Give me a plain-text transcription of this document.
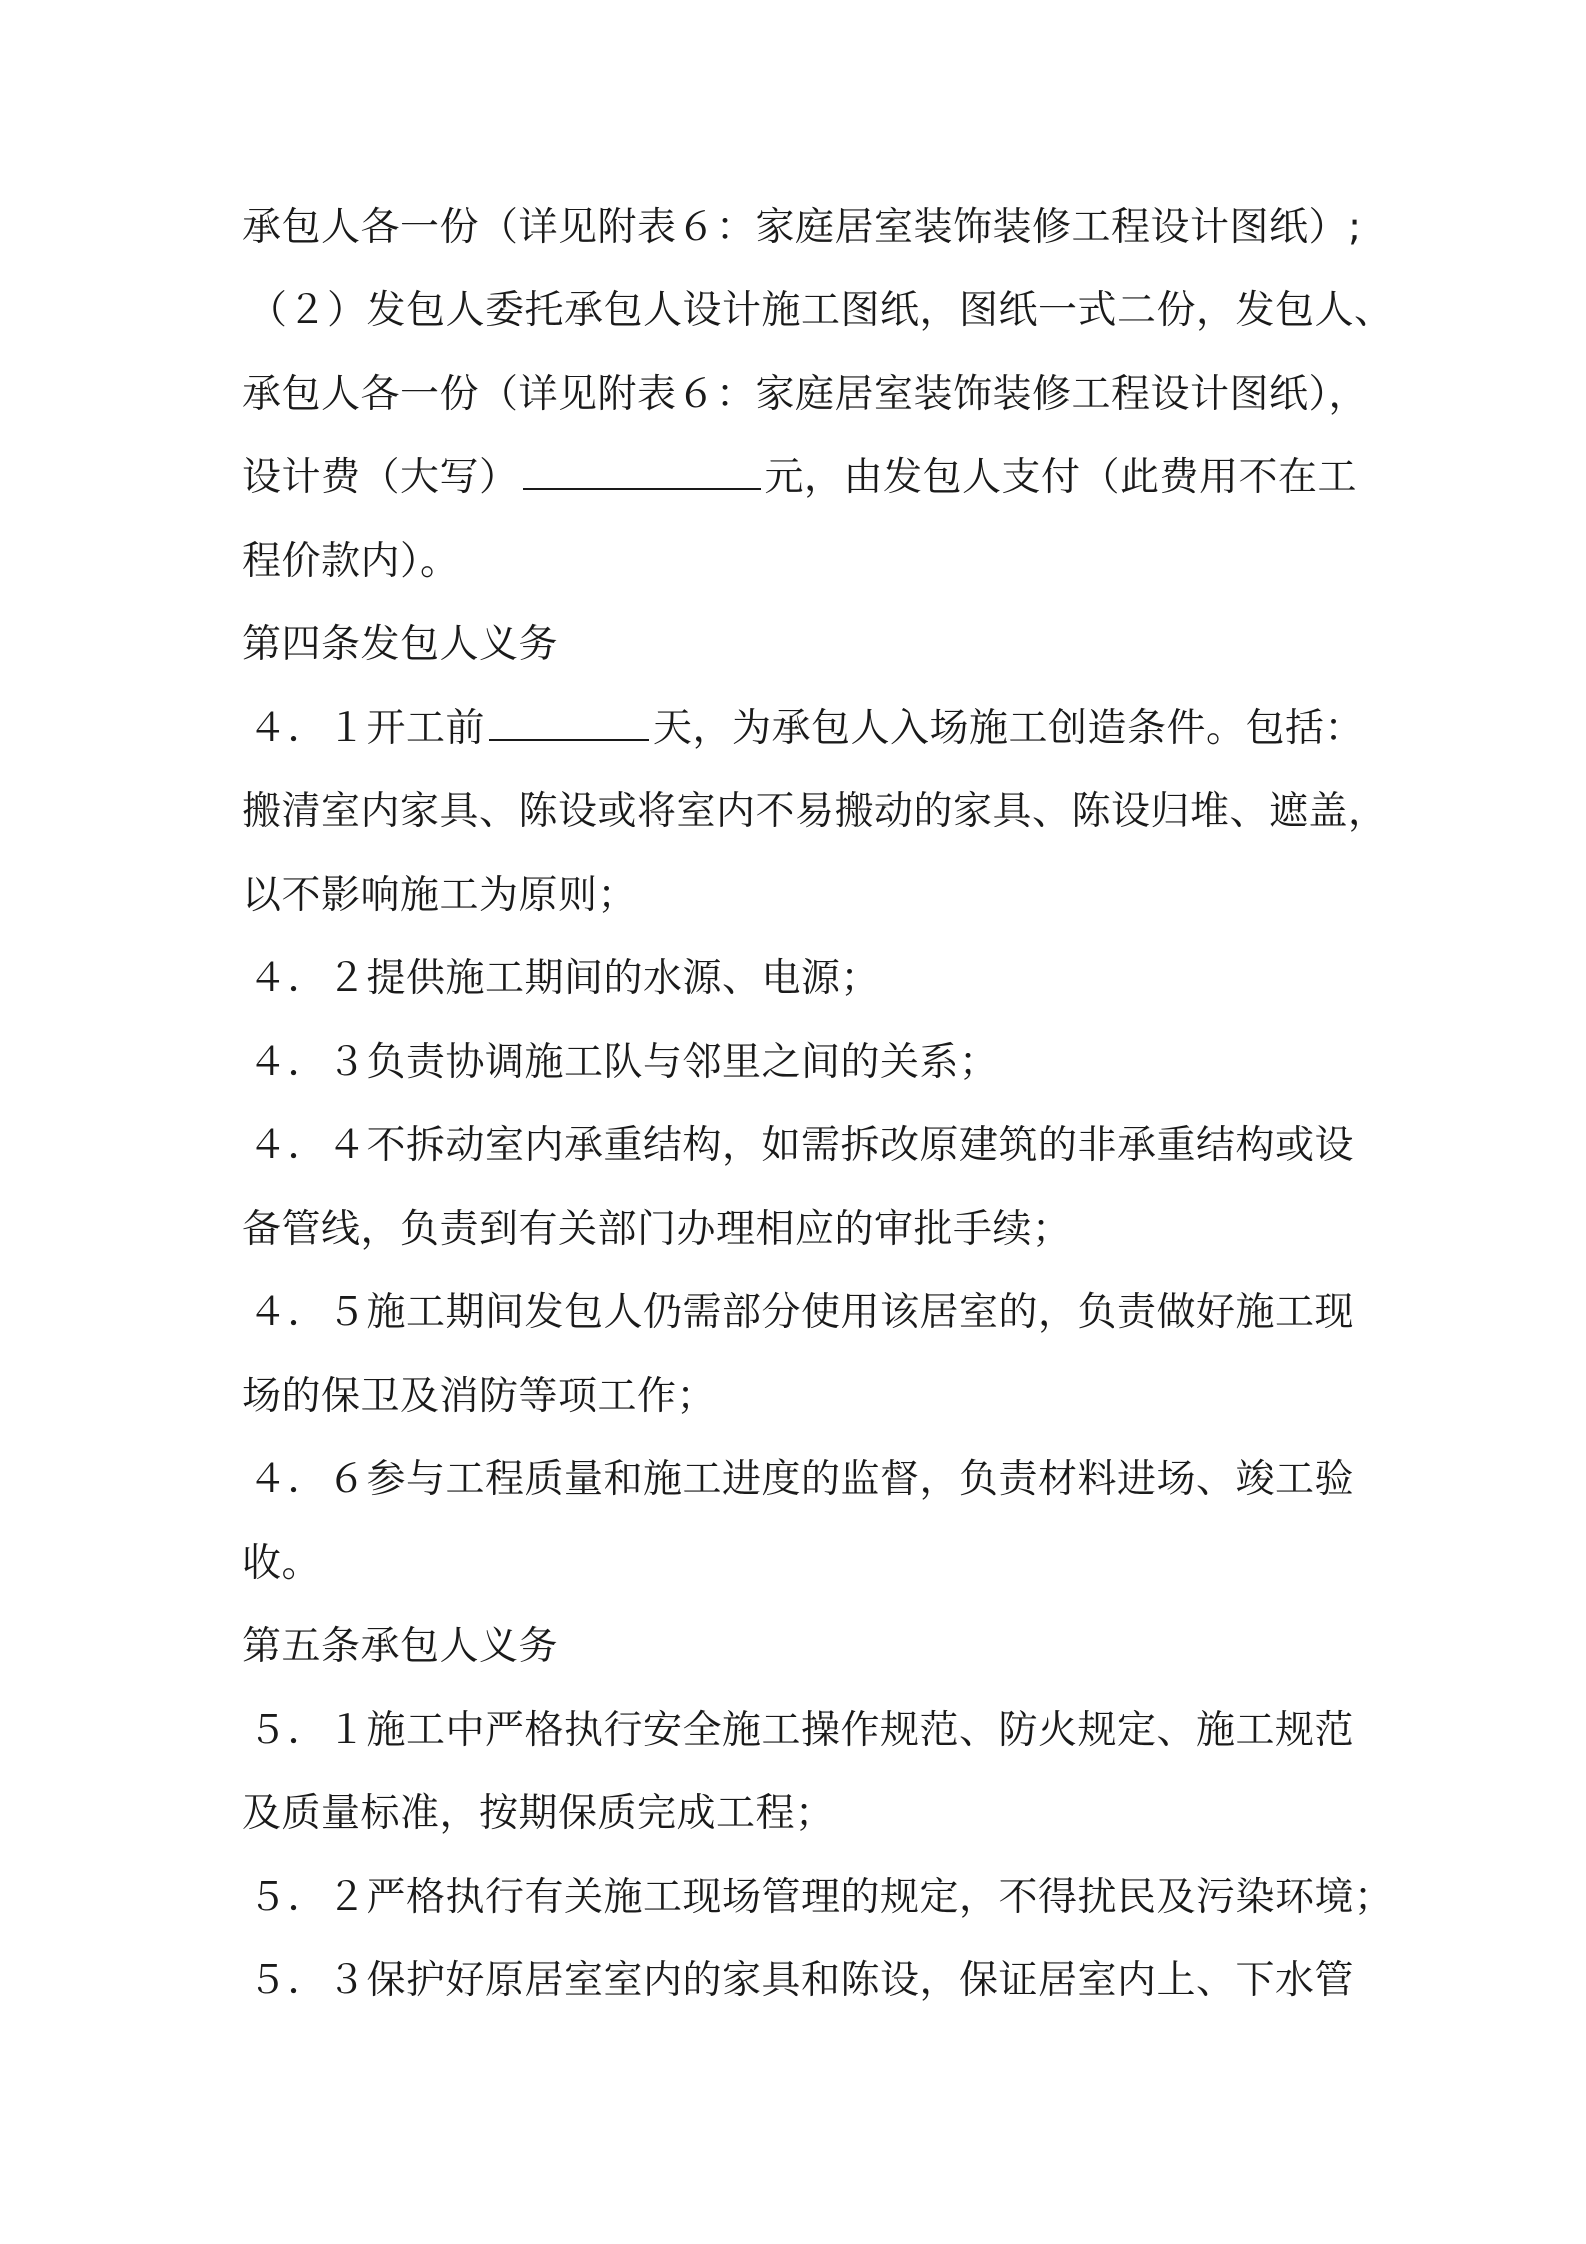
承包人各一份（详见附表６：家庭居室装饰装修工程设计图纸）;
（２）发包人委托承包人设计施工图纸，图纸一式二份，发包人、
承包人各一份（详见附表６：家庭居室装饰装修工程设计图纸），
设计费（大写）	元，由发包人支付（此费用不在工
程价款内）。
第四条发包人义务
４．１开工前	天，为承包人入场施工创造条件。包括：
搬清室内家具、陈设或将室内不易搬动的家具、陈设归堆、遮盖，
以不影响施工为原则；
４．２提供施工期间的水源、电源；
４．３负责协调施工队与邻里之间的关系；
４．４不拆动室内承重结构，如需拆改原建筑的非承重结构或设
备管线，负责到有关部门办理相应的审批手续；
４．５施工期间发包人仍需部分使用该居室的，负责做好施工现
场的保卫及消防等项工作；
４．６参与工程质量和施工进度的监督，负责材料进场、竣工验
收。
第五条承包人义务
５．１施工中严格执行安全施工操作规范、防火规定、施工规范
及质量标准，按期保质完成工程；
５．２严格执行有关施工现场管理的规定，不得扰民及污染环境；
５．３保护好原居室室内的家具和陈设，保证居室内上、下水管
